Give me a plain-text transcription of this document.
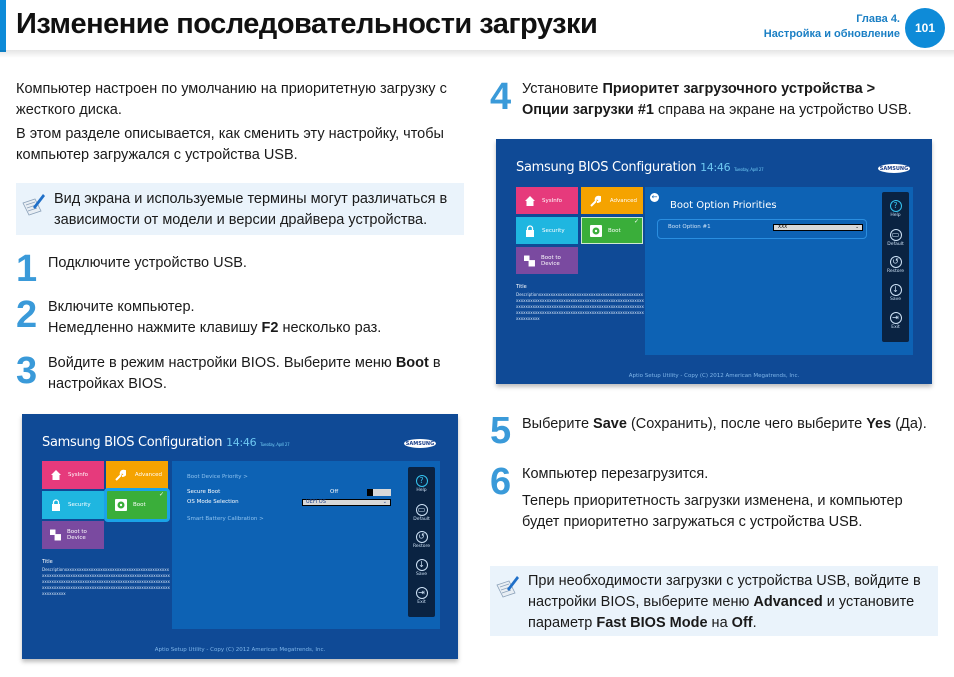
Изменение последовательности загрузки	Глава 4.
Настройка и обновление	101
Компьютер настроен по умолчанию на приоритетную загрузку с жесткого диска.
В этом разделе описывается, как сменить эту настройку, чтобы компьютер загружался с устройства USB.
Вид экрана и используемые термины могут различаться в зависимости от модели и версии драйвера устройства.
1 Подключите устройство USB.
2 Включите компьютер.
Немедленно нажмите клавишу F2 несколько раз.
3 Войдите в режим настройки BIOS. Выберите меню Boot в настройках BIOS.
Samsung BIOS Configuration 14:46 Tuesday, April 27	SAMSUNG
SysInfo	Advanced
Security	Boot
✓
Boot to Device
Title
Descriptionxxxxxxxxxxxxxxxxxxxxxxxxxxxxxxxxxxxxxxxxxxxxxxxxxxxxxxxxxxxxxxxxxxxxxxxxxxxxxxxxxxxxxxxxxxxxxxxxxxxxxxxxxxxxxxxxxxxxxxxxxxxxxxxxxxxxxxxxxxxxxxxxxxxxxxxxxxxxxxxxxxxxxxxxxxxxxxxxxxxxxxxxxxxxxxxxxxxxxxxxxxxxxxxxxxxxxxxx
Boot Device Priority >
Secure Boot	Off
OS Mode Selection	UEFI OS	⌄
Smart Battery Calibration >
?
Help
▭
Default
↺
Restore
↓
Save
⇥
Exit
Aptio Setup Utility - Copy (C) 2012 American Megatrends, Inc.
4 Установите Приоритет загрузочного устройства >
Опции загрузки #1 справа на экране на устройство USB.
Samsung BIOS Configuration 14:46 Tuesday, April 27	SAMSUNG
SysInfo	Advanced
Security	Boot
✓
Boot to Device
Title
Descriptionxxxxxxxxxxxxxxxxxxxxxxxxxxxxxxxxxxxxxxxxxxxxxxxxxxxxxxxxxxxxxxxxxxxxxxxxxxxxxxxxxxxxxxxxxxxxxxxxxxxxxxxxxxxxxxxxxxxxxxxxxxxxxxxxxxxxxxxxxxxxxxxxxxxxxxxxxxxxxxxxxxxxxxxxxxxxxxxxxxxxxxxxxxxxxxxxxxxxxxxxxxxxxxxxxxxxxxxx
←
Boot Option Priorities
Boot Option #1	XXX	⌄
?
Help
▭
Default
↺
Restore
↓
Save
⇥
Exit
Aptio Setup Utility - Copy (C) 2012 American Megatrends, Inc.
5 Выберите Save (Сохранить), после чего выберите Yes (Да).
6 Компьютер перезагрузится.
Теперь приоритетность загрузки изменена, и компьютер будет приоритетно загружаться с устройства USB.
При необходимости загрузки с устройства USB, войдите в настройки BIOS, выберите меню Advanced и установите параметр Fast BIOS Mode на Off.
